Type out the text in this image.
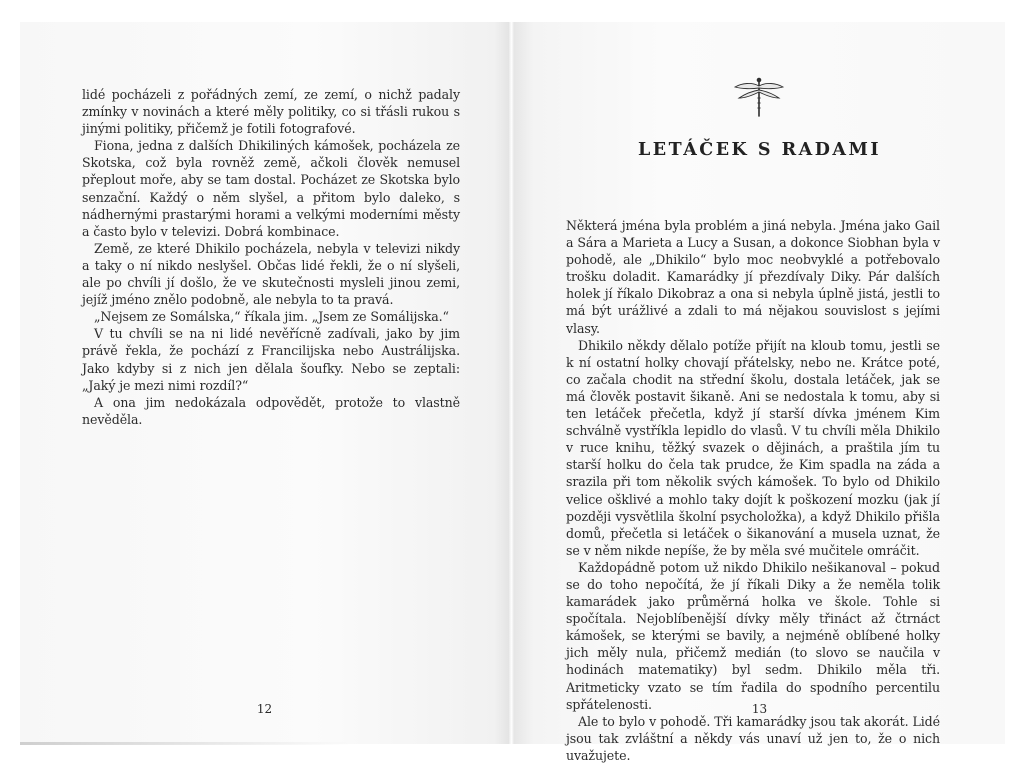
lidé pocházeli z pořádných zemí, ze zemí, o nichž padaly zmínky v novinách a které měly politiky, co si třásli rukou s jinými politiky, přičemž je fotili fotografové.

Fiona, jedna z dalších Dhikiliných kámošek, pocházela ze Skotska, což byla rovněž země, ačkoli člověk nemusel přeplout moře, aby se tam dostal. Pocházet ze Skotska bylo senzační. Každý o něm slyšel, a přitom bylo daleko, s nádhernými prastarými horami a velkými moderními městy a často bylo v televizi. Dobrá kombinace.

Země, ze které Dhikilo pocházela, nebyla v televizi nikdy a taky o ní nikdo neslyšel. Občas lidé řekli, že o ní slyšeli, ale po chvíli jí došlo, že ve skutečnosti mysleli jinou zemi, jejíž jméno znělo podobně, ale nebyla to ta pravá.

„Nejsem ze Somálska,“ říkala jim. „Jsem ze Somálijska.“

V tu chvíli se na ni lidé nevěřícně zadívali, jako by jim právě řekla, že pochází z Francilijska nebo Austrálijska. Jako kdyby si z nich jen dělala šoufky. Nebo se zeptali: „Jaký je mezi nimi rozdíl?“

A ona jim nedokázala odpovědět, protože to vlastně nevěděla.

12
LETÁČEK S RADAMI

Některá jména byla problém a jiná nebyla. Jména jako Gail a Sára a Marieta a Lucy a Susan, a dokonce Siobhan byla v pohodě, ale „Dhikilo“ bylo moc neobvyklé a potřebovalo trošku doladit. Kamarádky jí přezdívaly Diky. Pár dalších holek jí říkalo Dikobraz a ona si nebyla úplně jistá, jestli to má být urážlivé a zdali to má nějakou souvislost s jejími vlasy.

Dhikilo někdy dělalo potíže přijít na kloub tomu, jestli se k ní ostatní holky chovají přátelsky, nebo ne. Krátce poté, co začala chodit na střední školu, dostala letáček, jak se má člověk postavit šikaně. Ani se nedostala k tomu, aby si ten letáček přečetla, když jí starší dívka jménem Kim schválně vystříkla lepidlo do vlasů. V tu chvíli měla Dhikilo v ruce knihu, těžký svazek o dějinách, a praštila jím tu starší holku do čela tak prudce, že Kim spadla na záda a srazila při tom několik svých kámošek. To bylo od Dhikilo velice ošklivé a mohlo taky dojít k poškození mozku (jak jí později vysvětlila školní psycholožka), a když Dhikilo přišla domů, přečetla si letáček o šikanování a musela uznat, že se v něm nikde nepíše, že by měla své mučitele omráčit.

Každopádně potom už nikdo Dhikilo nešikanoval – pokud se do toho nepočítá, že jí říkali Diky a že neměla tolik kamarádek jako průměrná holka ve škole. Tohle si spočítala. Nejoblíbenější dívky měly třináct až čtrnáct kámošek, se kterými se bavily, a nejméně oblíbené holky jich měly nula, přičemž medián (to slovo se naučila v hodinách matematiky) byl sedm. Dhikilo měla tři. Aritmeticky vzato se tím řadila do spodního percentilu spřátelenosti.

Ale to bylo v pohodě. Tři kamarádky jsou tak akorát. Lidé jsou tak zvláštní a někdy vás unaví už jen to, že o nich uvažujete.

13
